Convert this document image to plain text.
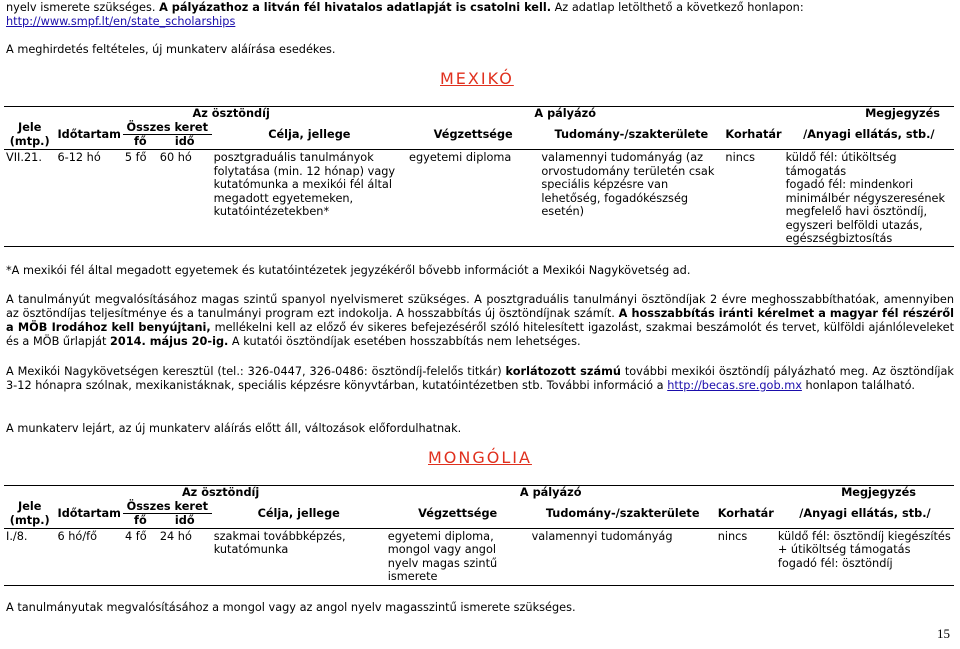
nyelv ismerete szükséges. A pályázathoz a litván fél hivatalos adatlapját is csatolni kell. Az adatlap letölthető a következő honlapon:
http://www.smpf.lt/en/state_scholarships
A meghirdetés feltételes, új munkaterv aláírása esedékes.
MEXIKÓ
	Az ösztöndíj				A pályázó		Megjegyzés	
Jele	Időtartam	Összes keret		Célja, jellege	Végzettsége	Tudomány-/szakterülete	Korhatár	/Anyagi ellátás, stb./
(mtp.)		fő	idő					

VII.21.	6-12 hó	5 fő	60 hó	posztgraduális tanulmányok folytatása (min. 12 hónap) vagy kutatómunka a mexikói fél által megadott egyetemeken, kutatóintézetekben*	egyetemi diploma	valamennyi tudományág (az orvostudomány területén csak speciális képzésre van lehetőség, fogadókészség esetén)	nincs	küldő fél: útiköltség támogatás
fogadó fél: mindenkori minimálbér négyszeresének megfelelő havi ösztöndíj, egyszeri belföldi utazás, egészségbiztosítás
*A mexikói fél által megadott egyetemek és kutatóintézetek jegyzékéről bővebb információt a Mexikói Nagykövetség ad.
A tanulmányút megvalósításához magas szintű spanyol nyelvismeret szükséges. A posztgraduális tanulmányi ösztöndíjak 2 évre meghosszabbíthatóak, amennyiben az ösztöndíjas teljesítménye és a tanulmányi program ezt indokolja. A hosszabbítás új ösztöndíjnak számít. A hosszabbítás iránti kérelmet a magyar fél részéről a MÖB Irodához kell benyújtani, mellékelni kell az előző év sikeres befejezéséről szóló hitelesített igazolást, szakmai beszámolót és tervet, külföldi ajánlóleveleket és a MÖB űrlapját 2014. május 20-ig. A kutatói ösztöndíjak esetében hosszabbítás nem lehetséges.
A Mexikói Nagykövetségen keresztül (tel.: 326-0447, 326-0486: ösztöndíj-felelős titkár) korlátozott számú további mexikói ösztöndíj pályázható meg. Az ösztöndíjak 3-12 hónapra szólnak, mexikanistáknak, speciális képzésre könyvtárban, kutatóintézetben stb. További információ a http://becas.sre.gob.mx honlapon található.
A munkaterv lejárt, az új munkaterv aláírás előtt áll, változások előfordulhatnak.
MONGÓLIA
	Az ösztöndíj				A pályázó		Megjegyzés	
Jele	Időtartam	Összes keret		Célja, jellege	Végzettsége	Tudomány-/szakterülete	Korhatár	/Anyagi ellátás, stb./
(mtp.)		fő	idő					
I./8.	6 hó/fő	4 fő	24 hó	szakmai továbbképzés, kutatómunka	egyetemi diploma, mongol vagy angol nyelv magas szintű ismerete	valamennyi tudományág	nincs	küldő fél: ösztöndíj kiegészítés + útiköltség támogatás
fogadó fél: ösztöndíj
A tanulmányutak megvalósításához a mongol vagy az angol nyelv magasszintű ismerete szükséges.
15
